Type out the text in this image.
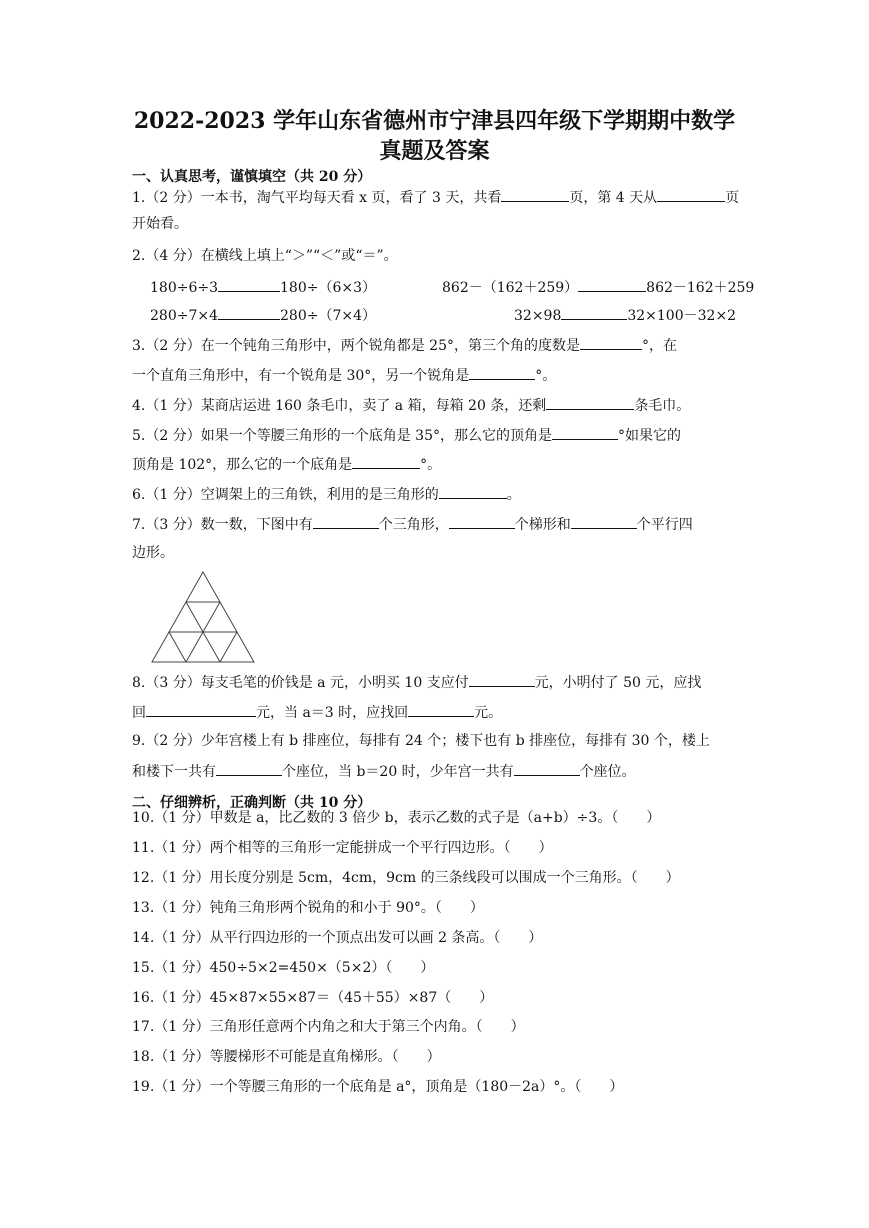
2022-2023 学年山东省德州市宁津县四年级下学期期中数学
真题及答案
一、认真思考，谨慎填空（共 20 分）
1.（2 分）一本书，淘气平均每天看 x 页，看了 3 天，共看	页，第 4 天从	页
开始看。
2.（4 分）在横线上填上“＞”“＜”或“＝”。
180÷6÷3	180÷（6×3）	862－（162＋259）	862－162＋259
280÷7×4	280÷（7×4）	32×98	32×100－32×2
3.（2 分）在一个钝角三角形中，两个锐角都是 25°，第三个角的度数是	°，在
一个直角三角形中，有一个锐角是 30°，另一个锐角是	°。
4.（1 分）某商店运进 160 条毛巾，卖了 a 箱，每箱 20 条，还剩	条毛巾。
5.（2 分）如果一个等腰三角形的一个底角是 35°，那么它的顶角是	°如果它的
顶角是 102°，那么它的一个底角是	°。
6.（1 分）空调架上的三角铁，利用的是三角形的	。
7.（3 分）数一数，下图中有	个三角形，	个梯形和	个平行四
边形。
8.（3 分）每支毛笔的价钱是 a 元，小明买 10 支应付	元，小明付了 50 元，应找
回	元，当 a＝3 时，应找回	元。
9.（2 分）少年宫楼上有 b 排座位，每排有 24 个；楼下也有 b 排座位，每排有 30 个，楼上
和楼下一共有	个座位，当 b＝20 时，少年宫一共有	个座位。
二、仔细辨析，正确判断（共 10 分）
10.（1 分）甲数是 a，比乙数的 3 倍少 b，表示乙数的式子是（a+b）÷3。（　　）
11.（1 分）两个相等的三角形一定能拼成一个平行四边形。（　　）
12.（1 分）用长度分别是 5cm，4cm，9cm 的三条线段可以围成一个三角形。（　　）
13.（1 分）钝角三角形两个锐角的和小于 90°。（　　）
14.（1 分）从平行四边形的一个顶点出发可以画 2 条高。（　　）
15.（1 分）450÷5×2=450×（5×2）（　　）
16.（1 分）45×87×55×87＝（45＋55）×87（　　）
17.（1 分）三角形任意两个内角之和大于第三个内角。（　　）
18.（1 分）等腰梯形不可能是直角梯形。（　　）
19.（1 分）一个等腰三角形的一个底角是 a°，顶角是（180－2a）°。（　　）
